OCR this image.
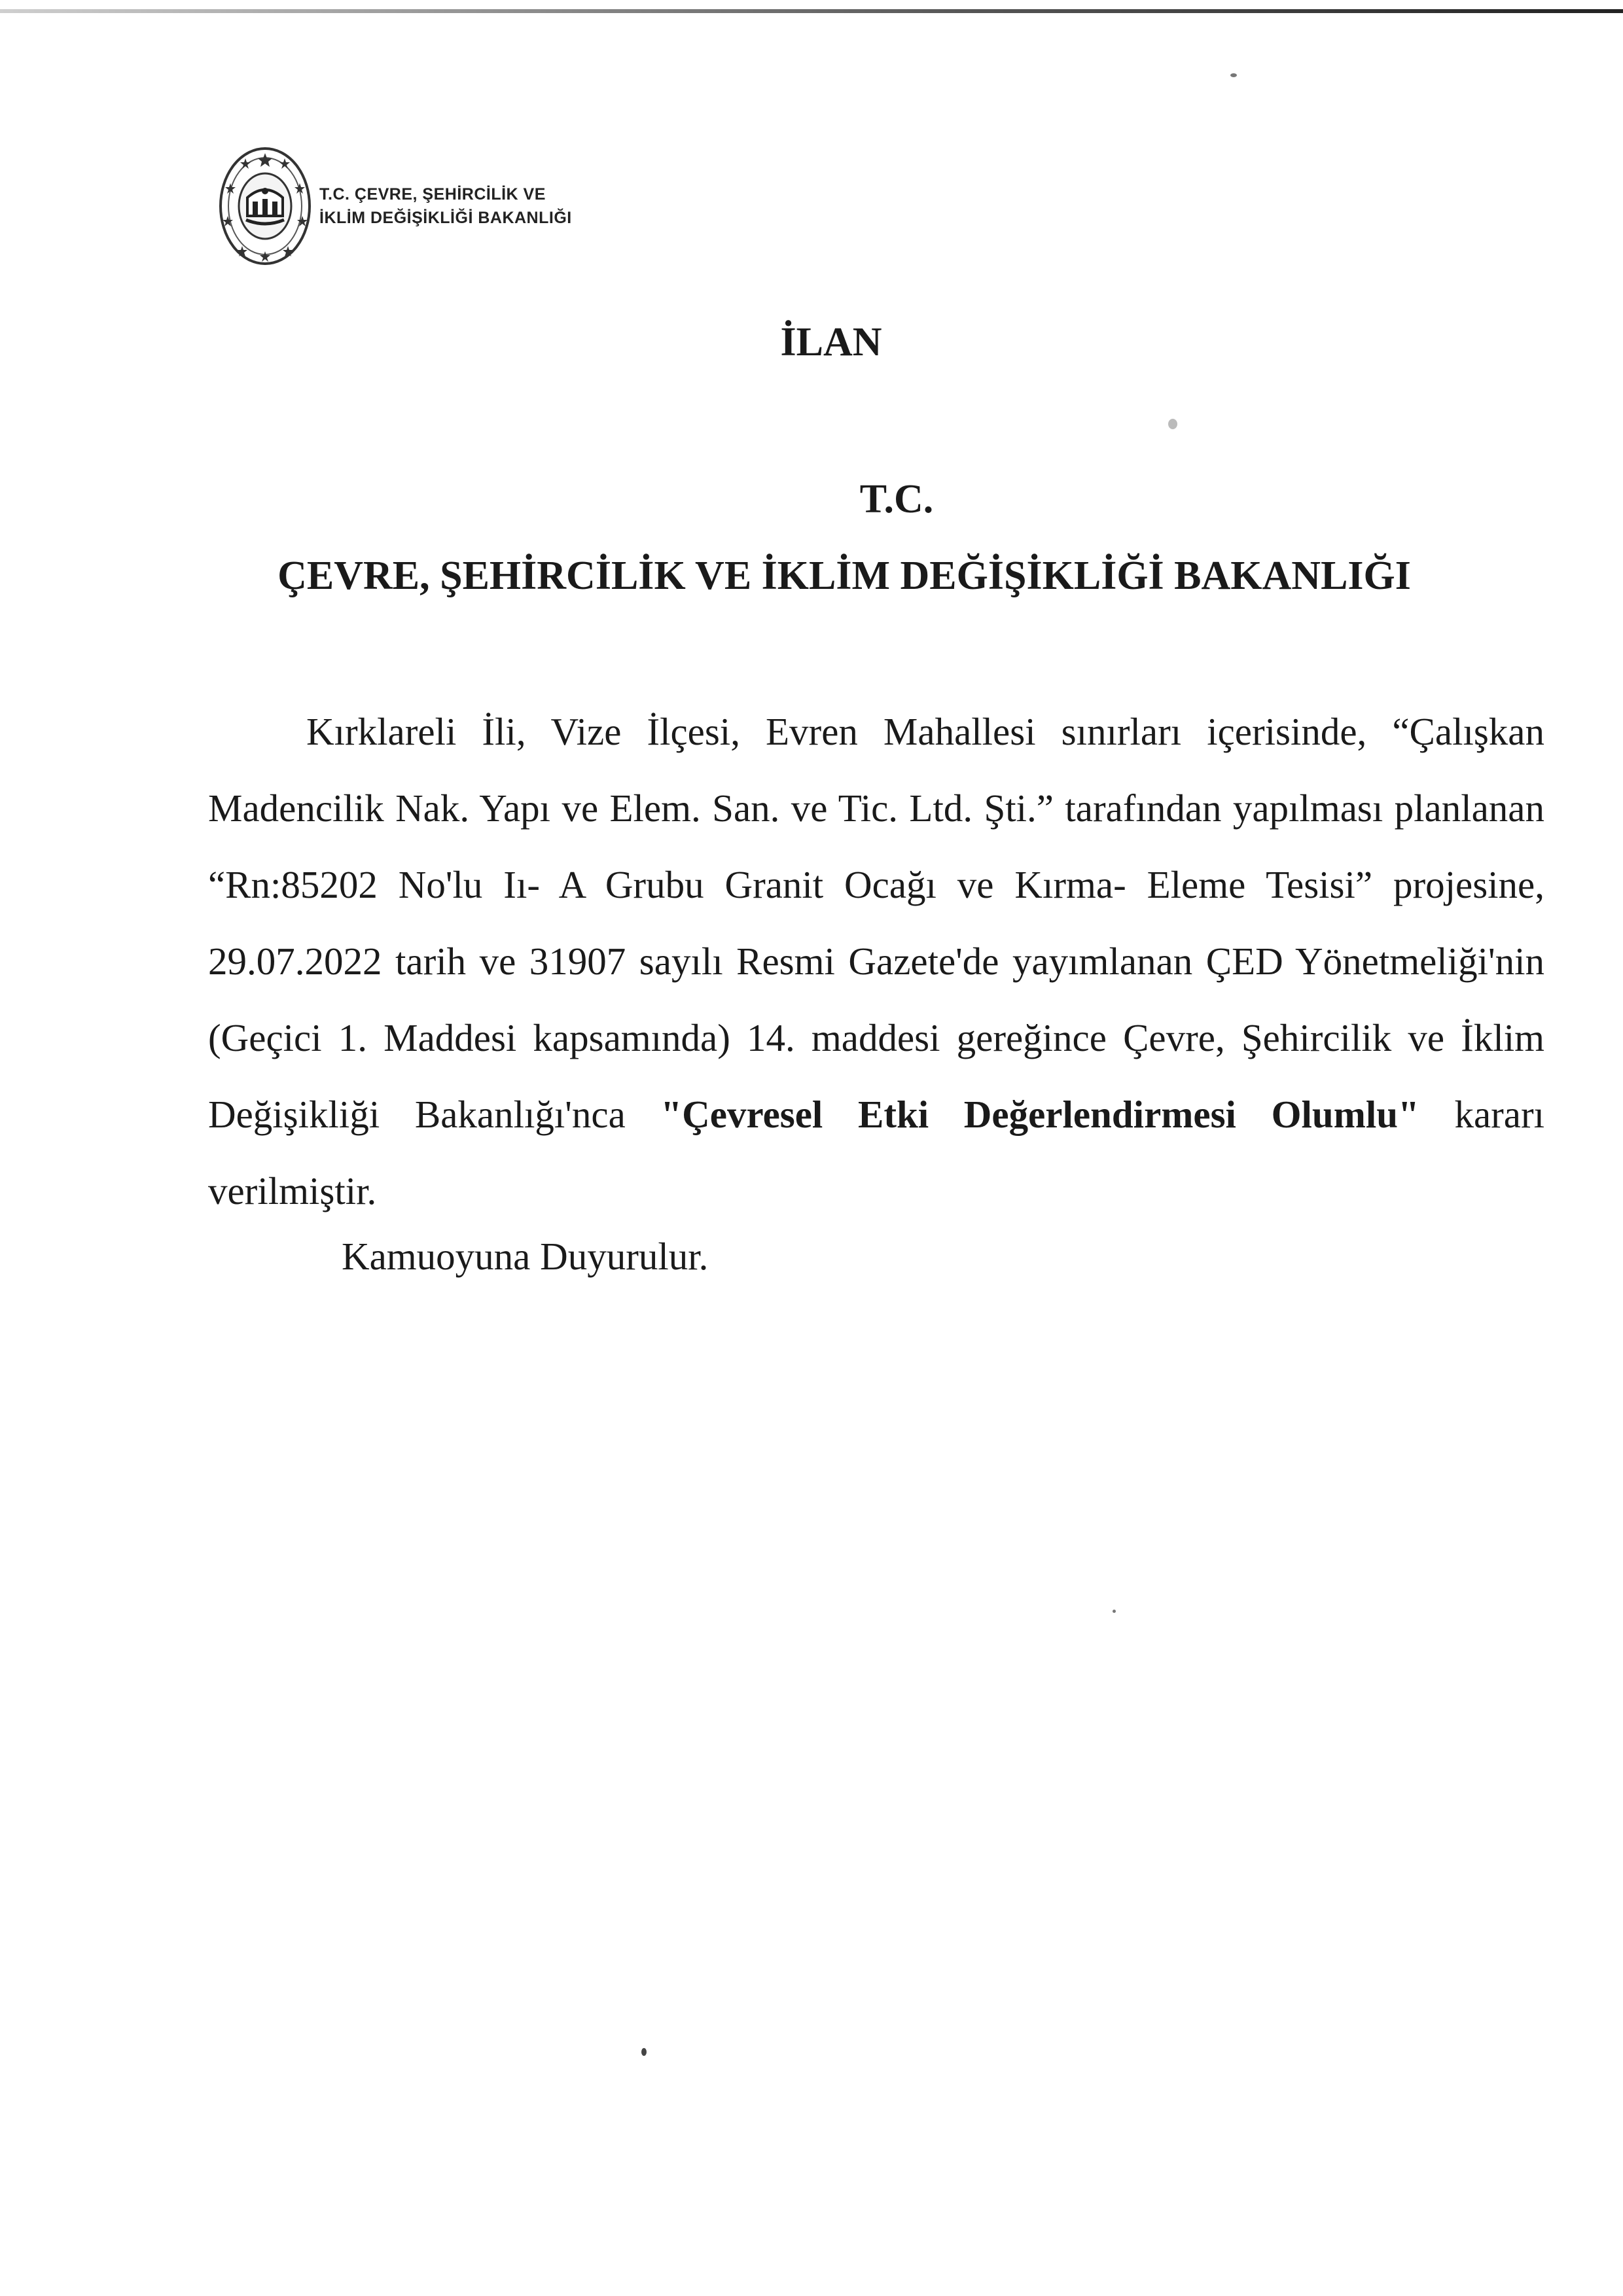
T.C. ÇEVRE, ŞEHİRCİLİK VE
İKLİM DEĞİŞİKLİĞİ BAKANLIĞI
İLAN
T.C.
ÇEVRE, ŞEHİRCİLİK VE İKLİM DEĞİŞİKLİĞİ BAKANLIĞI

Kırklareli İli, Vize İlçesi, Evren Mahallesi sınırları içerisinde, “Çalışkan Madencilik Nak. Yapı ve Elem. San. ve Tic. Ltd. Şti.” tarafından yapılması planlanan “Rn:85202 No'lu Iı- A Grubu Granit Ocağı ve Kırma- Eleme Tesisi” projesine, 29.07.2022 tarih ve 31907 sayılı Resmi Gazete'de yayımlanan ÇED Yönetmeliği'nin (Geçici 1. Maddesi kapsamında) 14. maddesi gereğince Çevre, Şehircilik ve İklim Değişikliği Bakanlığı'nca "Çevresel Etki Değerlendirmesi Olumlu" kararı verilmiştir.

Kamuoyuna Duyurulur.
